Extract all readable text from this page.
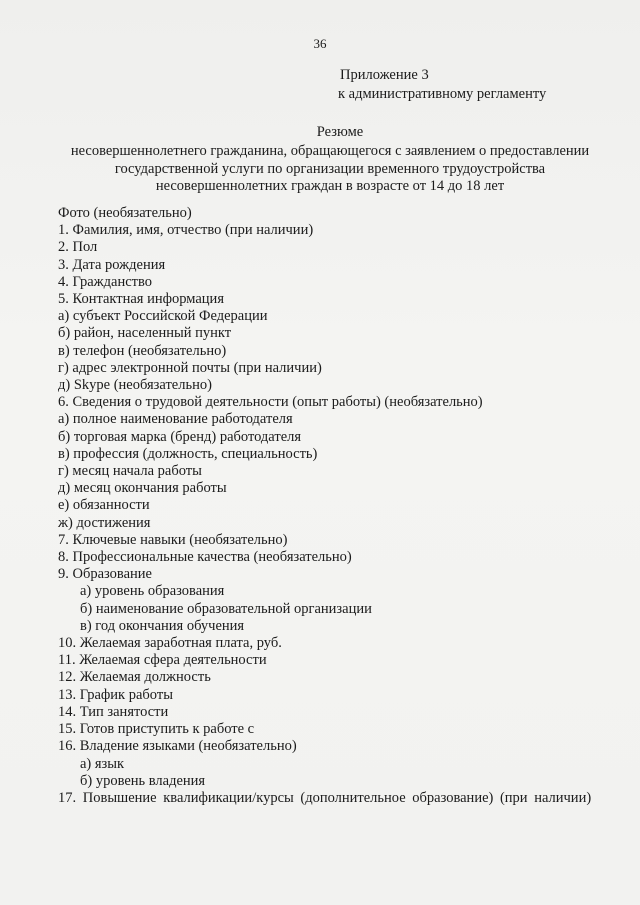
36
Приложение 3
к административному регламенту
Резюме
несовершеннолетнего гражданина, обращающегося с заявлением о предоставлении государственной услуги по организации временного трудоустройства несовершеннолетних граждан в возрасте от 14 до 18 лет
Фото (необязательно)
1. Фамилия, имя, отчество (при наличии)
2. Пол
3. Дата рождения
4. Гражданство
5. Контактная информация
а) субъект Российской Федерации
б) район, населенный пункт
в) телефон (необязательно)
г) адрес электронной почты (при наличии)
д) Skype (необязательно)
6. Сведения о трудовой деятельности (опыт работы) (необязательно)
а) полное наименование работодателя
б) торговая марка (бренд) работодателя
в) профессия (должность, специальность)
г) месяц начала работы
д) месяц окончания работы
е) обязанности
ж) достижения
7. Ключевые навыки (необязательно)
8. Профессиональные качества (необязательно)
9. Образование
а) уровень образования
б) наименование образовательной организации
в) год окончания обучения
10. Желаемая заработная плата, руб.
11. Желаемая сфера деятельности
12. Желаемая должность
13. График работы
14. Тип занятости
15. Готов приступить к работе с
16. Владение языками (необязательно)
а) язык
б) уровень владения
17. Повышение квалификации/курсы (дополнительное образование) (при наличии)
